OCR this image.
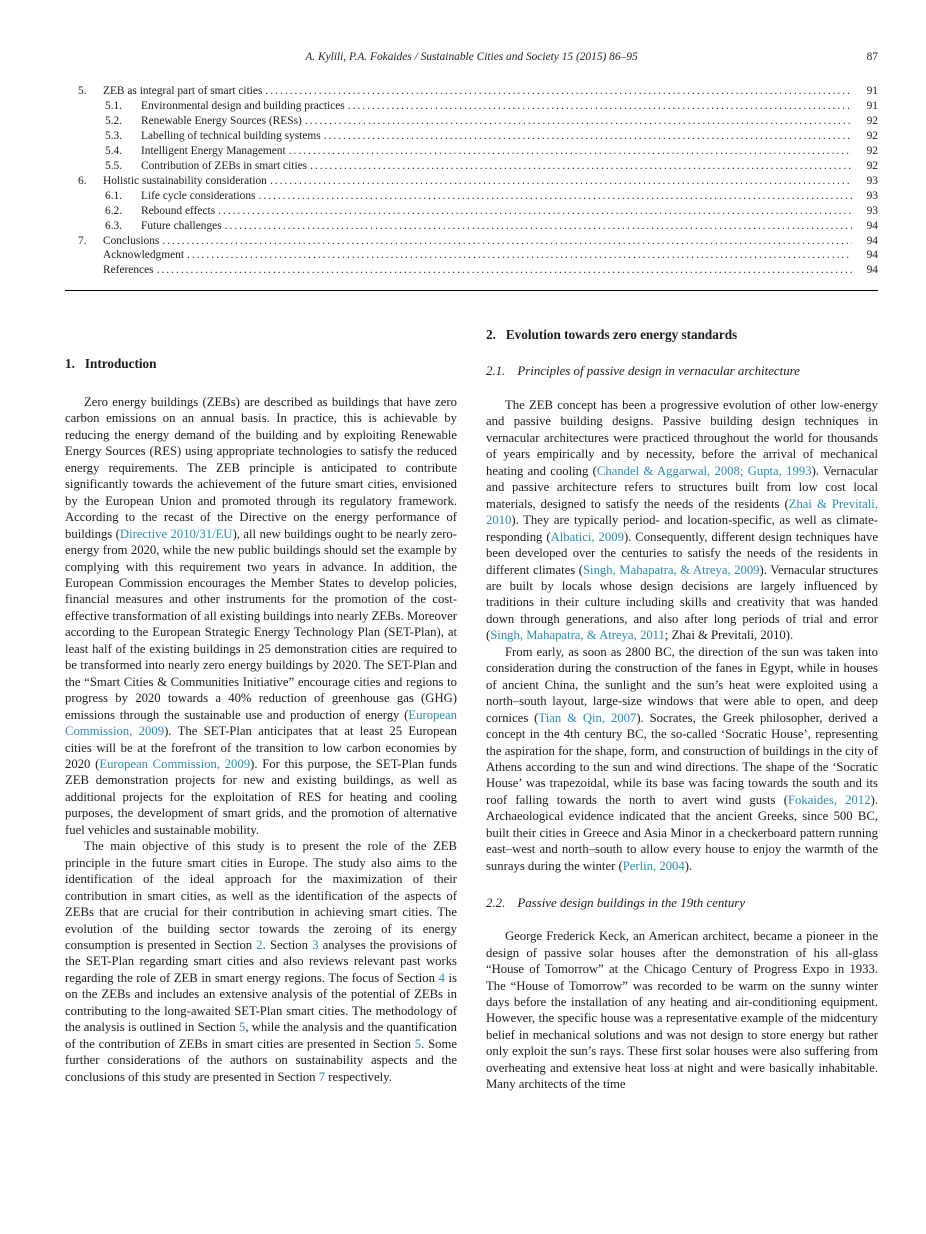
A. Kylili, P.A. Fokaides / Sustainable Cities and Society 15 (2015) 86–95	87
5.	ZEB as integral part of smart cities .....	91
5.1.	Environmental design and building practices .....	91
5.2.	Renewable Energy Sources (RESs) .....	92
5.3.	Labelling of technical building systems .....	92
5.4.	Intelligent Energy Management .....	92
5.5.	Contribution of ZEBs in smart cities .....	92
6.	Holistic sustainability consideration .....	93
6.1.	Life cycle considerations .....	93
6.2.	Rebound effects .....	93
6.3.	Future challenges .....	94
7.	Conclusions .....	94
Acknowledgment .....	94
References .....	94
1. Introduction

Zero energy buildings (ZEBs) are described as buildings that have zero carbon emissions on an annual basis. In practice, this is achievable by reducing the energy demand of the building and by exploiting Renewable Energy Sources (RES) using appropriate technologies to satisfy the reduced energy requirements. The ZEB principle is anticipated to contribute significantly towards the achievement of the future smart cities, envisioned by the European Union and promoted through its regulatory framework. According to the recast of the Directive on the energy performance of buildings (Directive 2010/31/EU), all new buildings ought to be nearly zero-energy from 2020, while the new public buildings should set the example by complying with this requirement two years in advance. In addition, the European Commission encourages the Member States to develop policies, financial measures and other instruments for the promotion of the cost-effective transformation of all existing buildings into nearly ZEBs. Moreover according to the European Strategic Energy Technology Plan (SET-Plan), at least half of the existing buildings in 25 demonstration cities are required to be transformed into nearly zero energy buildings by 2020. The SET-Plan and the “Smart Cities & Communities Initiative” encourage cities and regions to progress by 2020 towards a 40% reduction of greenhouse gas (GHG) emissions through the sustainable use and production of energy (European Commission, 2009). The SET-Plan anticipates that at least 25 European cities will be at the forefront of the transition to low carbon economies by 2020 (European Commission, 2009). For this purpose, the SET-Plan funds ZEB demonstration projects for new and existing buildings, as well as additional projects for the exploitation of RES for heating and cooling purposes, the development of smart grids, and the promotion of alternative fuel vehicles and sustainable mobility.

The main objective of this study is to present the role of the ZEB principle in the future smart cities in Europe. The study also aims to the identification of the ideal approach for the maximization of their contribution in smart cities, as well as the identification of the aspects of ZEBs that are crucial for their contribution in achieving smart cities. The evolution of the building sector towards the zeroing of its energy consumption is presented in Section 2. Section 3 analyses the provisions of the SET-Plan regarding smart cities and also reviews relevant past works regarding the role of ZEB in smart energy regions. The focus of Section 4 is on the ZEBs and includes an extensive analysis of the potential of ZEBs in contributing to the long-awaited SET-Plan smart cities. The methodology of the analysis is outlined in Section 5, while the analysis and the quantification of the contribution of ZEBs in smart cities are presented in Section 5. Some further considerations of the authors on sustainability aspects and the conclusions of this study are presented in Section 7 respectively.

2. Evolution towards zero energy standards
2.1. Principles of passive design in vernacular architecture

The ZEB concept has been a progressive evolution of other low-energy and passive building designs. Passive building design techniques in vernacular architectures were practiced throughout the world for thousands of years empirically and by necessity, before the arrival of mechanical heating and cooling (Chandel & Aggarwal, 2008; Gupta, 1993). Vernacular and passive architecture refers to structures built from low cost local materials, designed to satisfy the needs of the residents (Zhai & Previtali, 2010). They are typically period- and location-specific, as well as climate-responding (Albatici, 2009). Consequently, different design techniques have been developed over the centuries to satisfy the needs of the residents in different climates (Singh, Mahapatra, & Atreya, 2009). Vernacular structures are built by locals whose design decisions are largely influenced by traditions in their culture including skills and creativity that was handed down through generations, and also after long periods of trial and error (Singh, Mahapatra, & Atreya, 2011; Zhai & Previtali, 2010).

From early, as soon as 2800 BC, the direction of the sun was taken into consideration during the construction of the fanes in Egypt, while in houses of ancient China, the sunlight and the sun’s heat were exploited using a north–south layout, large-size windows that were able to open, and deep cornices (Tian & Qin, 2007). Socrates, the Greek philosopher, derived a concept in the 4th century BC, the so-called ‘Socratic House’, representing the aspiration for the shape, form, and construction of buildings in the city of Athens according to the sun and wind directions. The shape of the ‘Socratic House’ was trapezoidal, while its base was facing towards the south and its roof falling towards the north to avert wind gusts (Fokaides, 2012). Archaeological evidence indicated that the ancient Greeks, since 500 BC, built their cities in Greece and Asia Minor in a checkerboard pattern running east–west and north–south to allow every house to enjoy the warmth of the sunrays during the winter (Perlin, 2004).

2.2. Passive design buildings in the 19th century

George Frederick Keck, an American architect, became a pioneer in the design of passive solar houses after the demonstration of his all-glass “House of Tomorrow” at the Chicago Century of Progress Expo in 1933. The “House of Tomorrow” was recorded to be warm on the sunny winter days before the installation of any heating and air-conditioning equipment. However, the specific house was a representative example of the midcentury belief in mechanical solutions and was not design to store energy but rather only exploit the sun’s rays. These first solar houses were also suffering from overheating and extensive heat loss at night and were basically inhabitable. Many architects of the time
